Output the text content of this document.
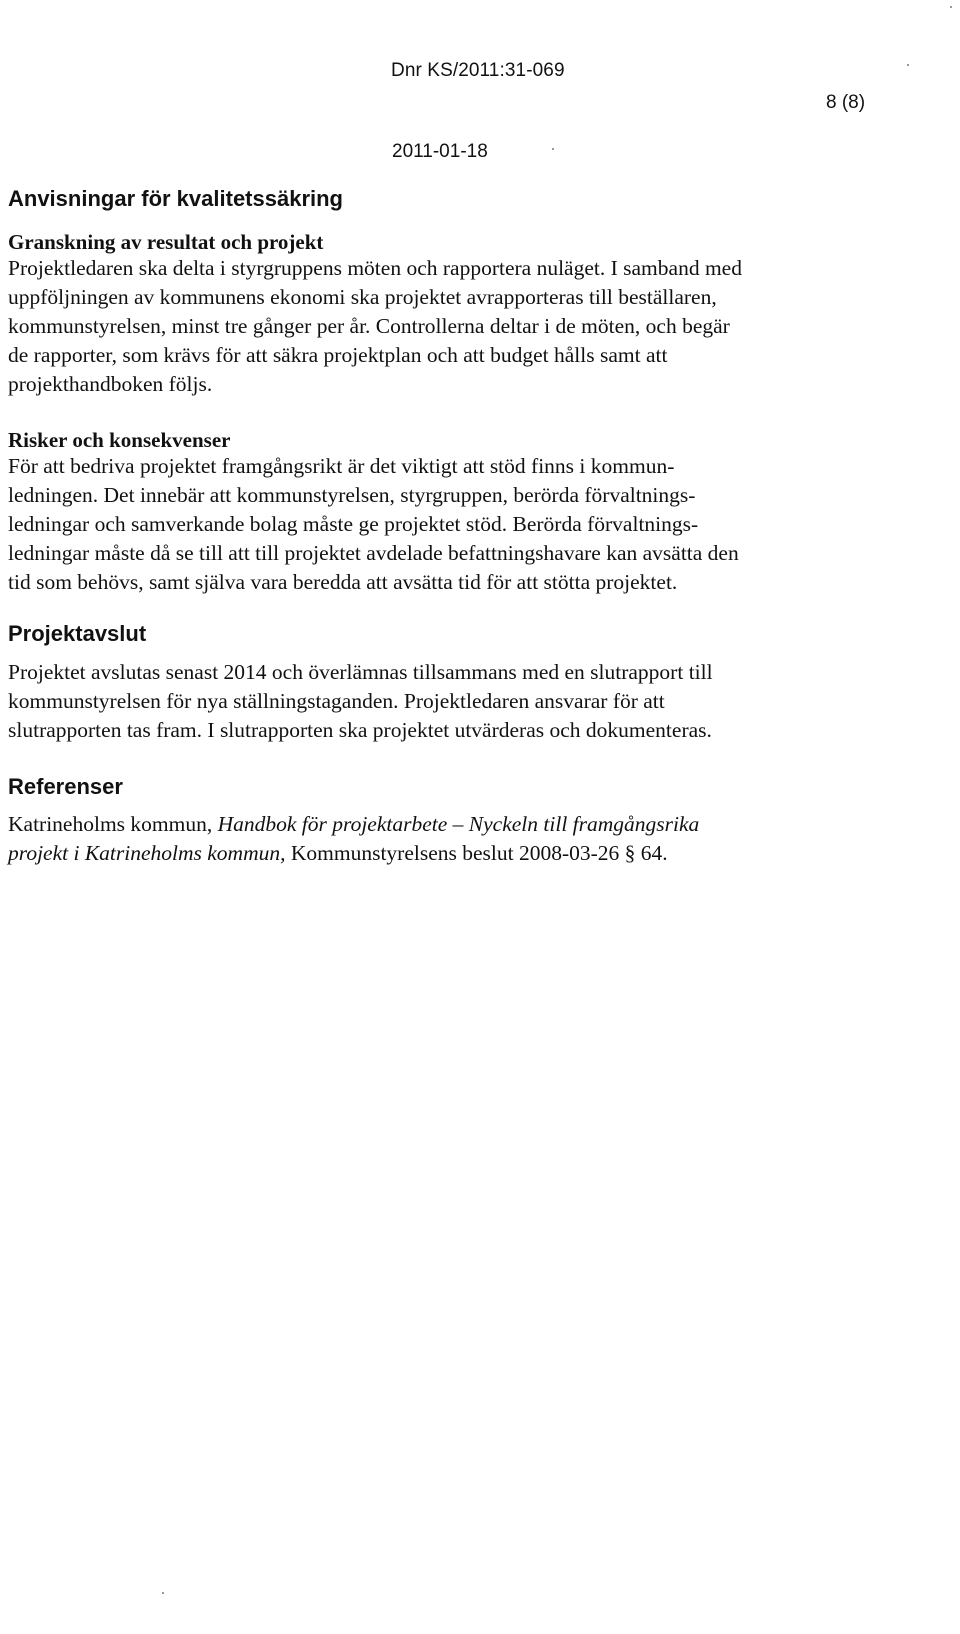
Dnr KS/2011:31-069
8 (8)
2011-01-18
Anvisningar för kvalitetssäkring
Granskning av resultat och projekt

Projektledaren ska delta i styrgruppens möten och rapportera nuläget. I samband med
uppföljningen av kommunens ekonomi ska projektet avrapporteras till beställaren,
kommunstyrelsen, minst tre gånger per år. Controllerna deltar i de möten, och begär
de rapporter, som krävs för att säkra projektplan och att budget hålls samt att
projekthandboken följs.

Risker och konsekvenser

För att bedriva projektet framgångsrikt är det viktigt att stöd finns i kommun-
ledningen. Det innebär att kommunstyrelsen, styrgruppen, berörda förvaltnings-
ledningar och samverkande bolag måste ge projektet stöd. Berörda förvaltnings-
ledningar måste då se till att till projektet avdelade befattningshavare kan avsätta den
tid som behövs, samt själva vara beredda att avsätta tid för att stötta projektet.

Projektavslut

Projektet avslutas senast 2014 och överlämnas tillsammans med en slutrapport till
kommunstyrelsen för nya ställningstaganden. Projektledaren ansvarar för att
slutrapporten tas fram. I slutrapporten ska projektet utvärderas och dokumenteras.

Referenser

Katrineholms kommun, Handbok för projektarbete – Nyckeln till framgångsrika
projekt i Katrineholms kommun, Kommunstyrelsens beslut 2008-03-26 § 64.
